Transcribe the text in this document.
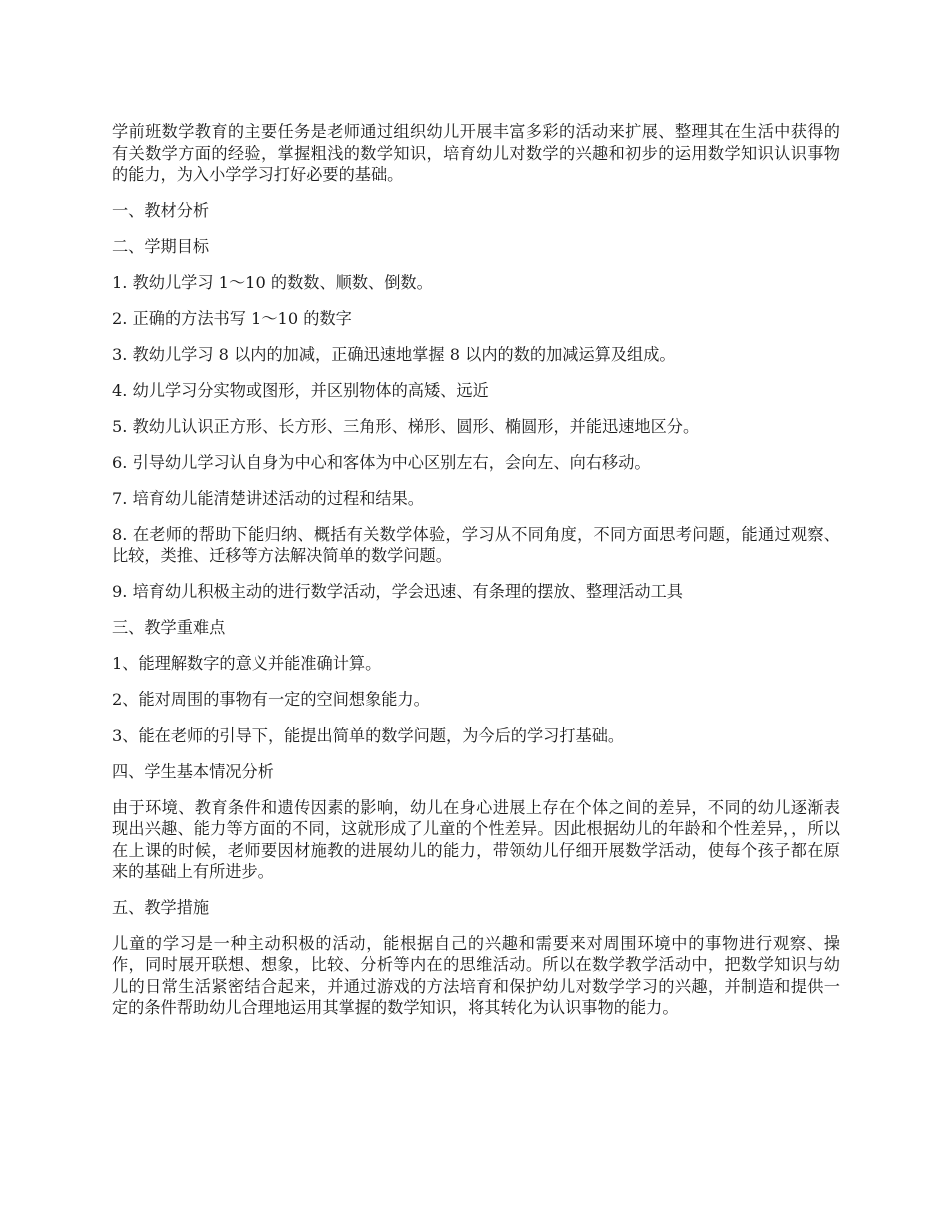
学前班数学教育的主要任务是老师通过组织幼儿开展丰富多彩的活动来扩展、整理其在生活中获得的有关数学方面的经验，掌握粗浅的数学知识，培育幼儿对数学的兴趣和初步的运用数学知识认识事物的能力，为入小学学习打好必要的基础。

一、教材分析

二、学期目标

1. 教幼儿学习 1～10 的数数、顺数、倒数。

2. 正确的方法书写 1～10 的数字

3. 教幼儿学习 8 以内的加减，正确迅速地掌握 8 以内的数的加减运算及组成。

4. 幼儿学习分实物或图形，并区别物体的高矮、远近

5. 教幼儿认识正方形、长方形、三角形、梯形、圆形、椭圆形，并能迅速地区分。

6. 引导幼儿学习认自身为中心和客体为中心区别左右，会向左、向右移动。

7. 培育幼儿能清楚讲述活动的过程和结果。

8. 在老师的帮助下能归纳、概括有关数学体验，学习从不同角度，不同方面思考问题，能通过观察、比较，类推、迁移等方法解决简单的数学问题。

9. 培育幼儿积极主动的进行数学活动，学会迅速、有条理的摆放、整理活动工具

三、教学重难点

1、能理解数字的意义并能准确计算。

2、能对周围的事物有一定的空间想象能力。

3、能在老师的引导下，能提出简单的数学问题，为今后的学习打基础。

四、学生基本情况分析

由于环境、教育条件和遗传因素的影响，幼儿在身心进展上存在个体之间的差异，不同的幼儿逐渐表现出兴趣、能力等方面的不同，这就形成了儿童的个性差异。因此根据幼儿的年龄和个性差异，，所以在上课的时候，老师要因材施教的进展幼儿的能力，带领幼儿仔细开展数学活动，使每个孩子都在原来的基础上有所进步。

五、教学措施

儿童的学习是一种主动积极的活动，能根据自己的兴趣和需要来对周围环境中的事物进行观察、操作，同时展开联想、想象，比较、分析等内在的思维活动。所以在数学教学活动中，把数学知识与幼儿的日常生活紧密结合起来，并通过游戏的方法培育和保护幼儿对数学学习的兴趣，并制造和提供一定的条件帮助幼儿合理地运用其掌握的数学知识，将其转化为认识事物的能力。
